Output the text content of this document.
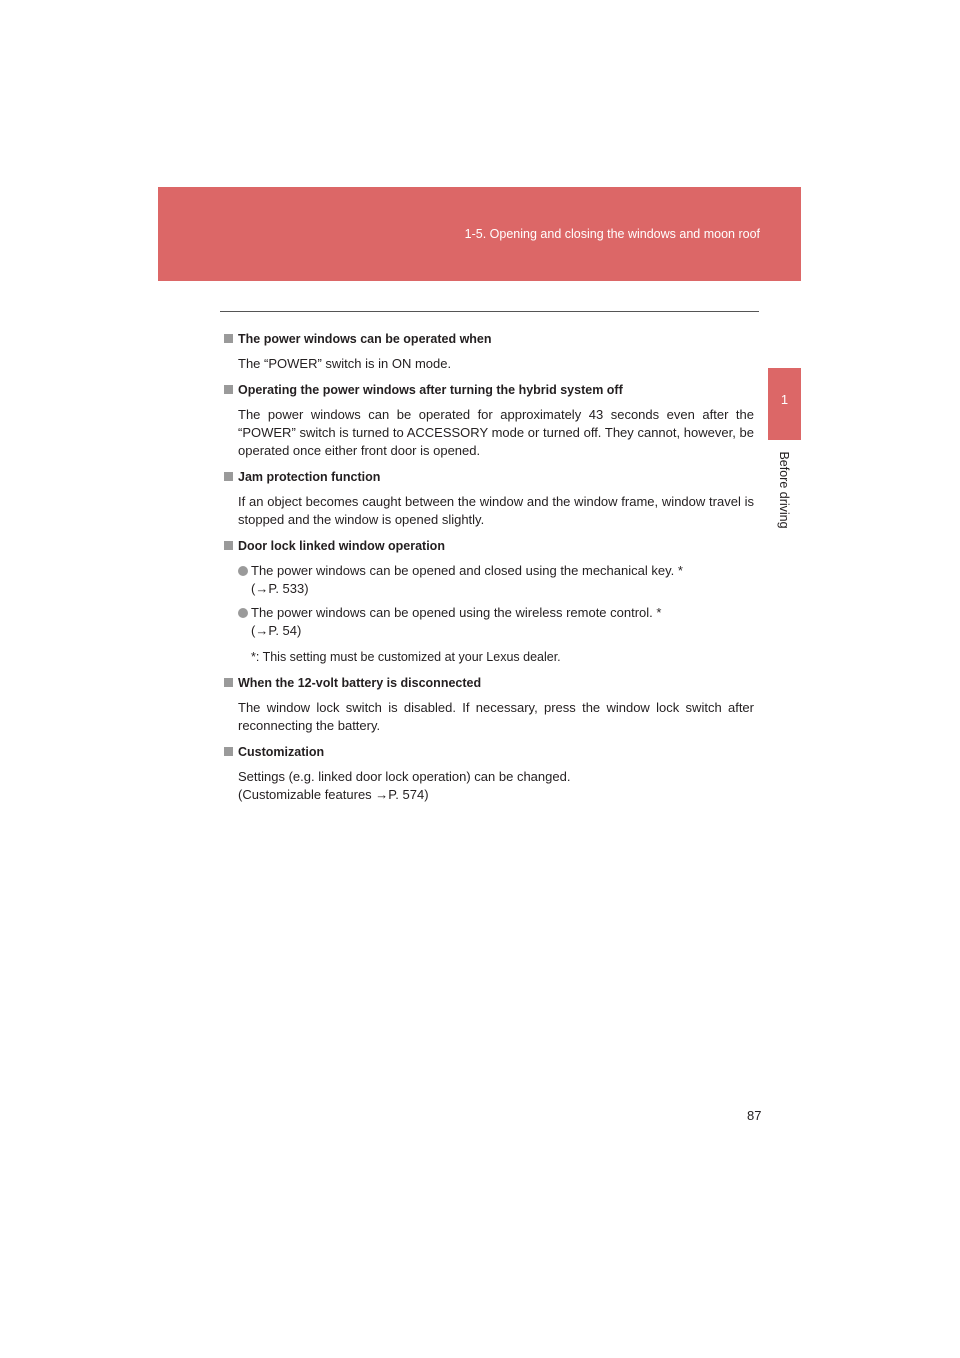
1-5. Opening and closing the windows and moon roof
1
Before driving
The power windows can be operated when

The “POWER” switch is in ON mode.

Operating the power windows after turning the hybrid system off

The power windows can be operated for approximately 43 seconds even after the “POWER” switch is turned to ACCESSORY mode or turned off. They cannot, however, be operated once either front door is opened.

Jam protection function

If an object becomes caught between the window and the window frame, window travel is stopped and the window is opened slightly.

Door lock linked window operation
The power windows can be opened and closed using the mechanical key. *
(→P. 533)
The power windows can be opened using the wireless remote control. *
(→P. 54)

*: This setting must be customized at your Lexus dealer.

When the 12-volt battery is disconnected

The window lock switch is disabled. If necessary, press the window lock switch after reconnecting the battery.

Customization

Settings (e.g. linked door lock operation) can be changed.

(Customizable features →P. 574)

87
